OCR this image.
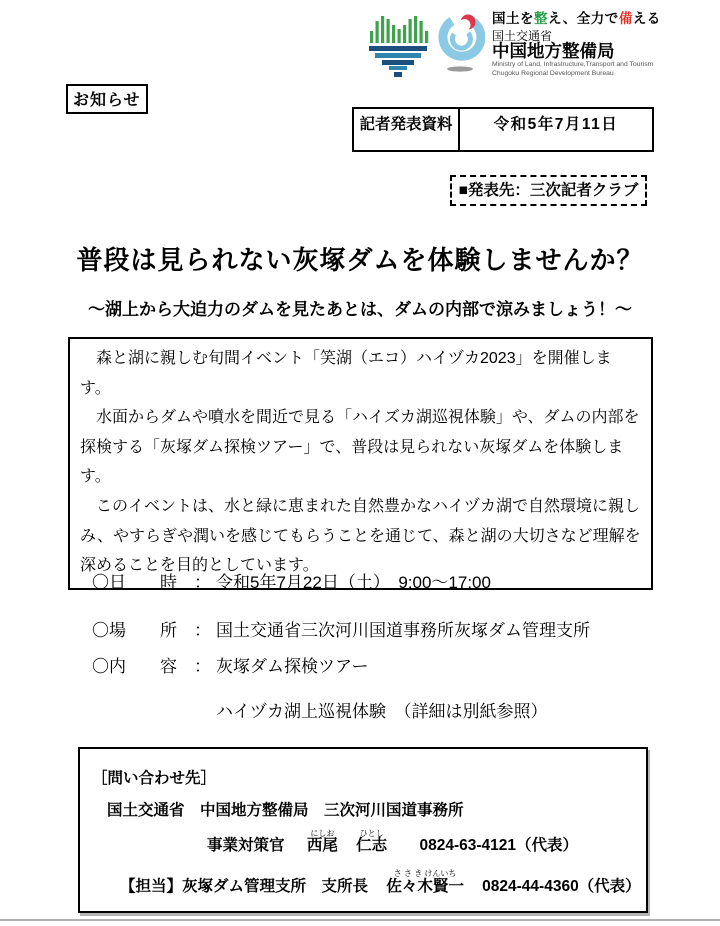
国土を整え、全力で備える
国土交通省
中国地方整備局
Ministry of Land, Infrastructure,Transport and Tourism
Chugoku Regional Development Bureau
お知らせ
記者発表資料	令和5年7月11日
■発表先：三次記者クラブ
普段は見られない灰塚ダムを体験しませんか？
～湖上から大迫力のダムを見たあとは、ダムの内部で涼みましょう！～

　森と湖に親しむ旬間イベント「笑湖（エコ）ハイヅカ2023」を開催します。

　水面からダムや噴水を間近で見る「ハイズカ湖巡視体験」や、ダムの内部を探検する「灰塚ダム探検ツアー」で、普段は見られない灰塚ダムを体験します。

　このイベントは、水と緑に恵まれた自然豊かなハイヅカ湖で自然環境に親しみ、やすらぎや潤いを感じてもらうことを通じて、森と湖の大切さなど理解を深めることを目的としています。

〇日　　時　： 令和5年7月22日（土）　9:00～17:00
〇場　　所　： 国土交通省三次河川国道事務所灰塚ダム管理支所
〇内　　容　： 灰塚ダム探検ツアー
ハイヅカ湖上巡視体験　（詳細は別紙参照）
［問い合わせ先］
国土交通省　中国地方整備局　三次河川国道事務所
事業対策官 西尾にしお 仁志ひとし 0824-63-4121（代表）
【担当】灰塚ダム管理支所　支所長 佐々木賢一さ さ き けんいち 0824-44-4360（代表）
